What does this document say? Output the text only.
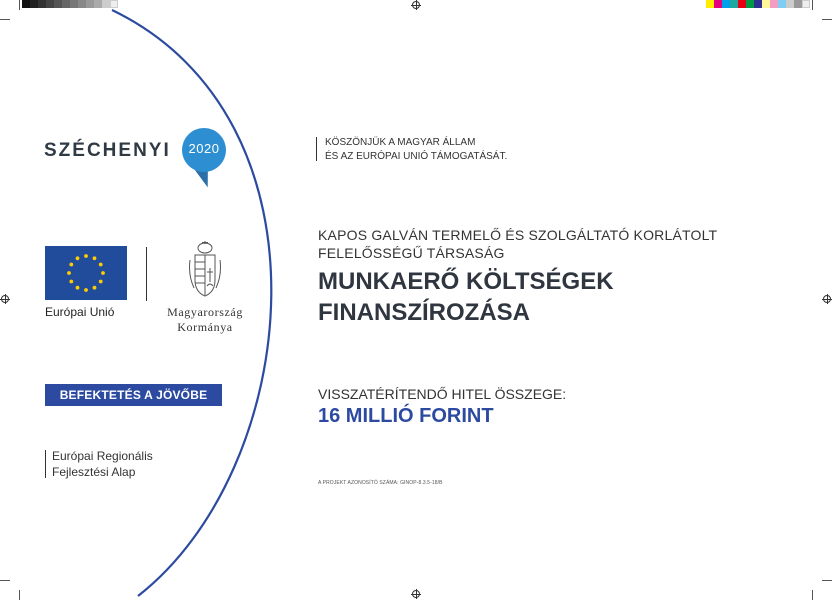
SZÉCHENYI	2020	KÖSZÖNJÜK A MAGYAR ÁLLAM
ÉS AZ EURÓPAI UNIÓ TÁMOGATÁSÁT.
Európai Unió	Magyarország
Kormánya
BEFEKTETÉS A JÖVŐBE
Európai Regionális
Fejlesztési Alap
KAPOS GALVÁN TERMELŐ ÉS SZOLGÁLTATÓ KORLÁTOLT
FELELŐSSÉGŰ TÁRSASÁG
MUNKAERŐ KÖLTSÉGEK
FINANSZÍROZÁSA
VISSZATÉRÍTENDŐ HITEL ÖSSZEGE:
16 MILLIÓ FORINT
A PROJEKT AZONOSÍTÓ SZÁMA: GINOP-8.3.5-18/B
